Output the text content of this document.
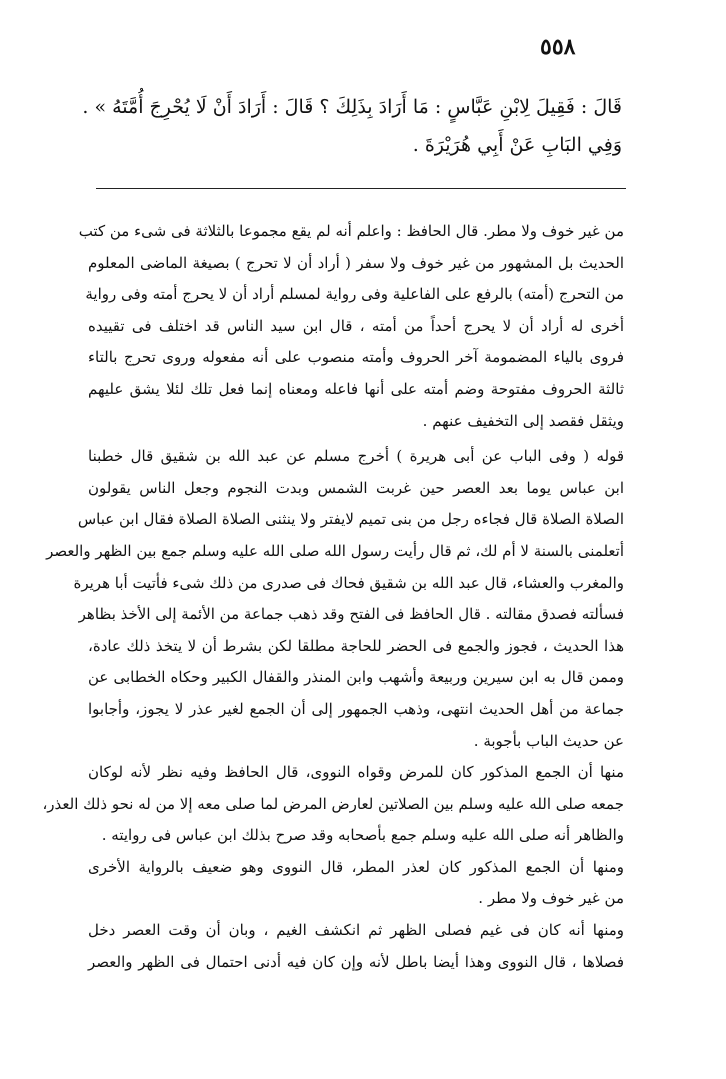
٥٥٨

قَالَ : فَقِيلَ لِابْنِ عَبَّاسٍ : مَا أَرَادَ بِذَلِكَ ؟ قَالَ : أَرَادَ أَنْ لَا يُحْرِجَ أُمَّتَهُ » .

وَفِي البَابِ عَنْ أَبِي هُرَيْرَةَ .

من غير خوف ولا مطر. قال الحافظ : واعلم أنه لم يقع مجموعا بالثلاثة فى شىء من كتب
الحديث بل المشهور من غير خوف ولا سفر ( أراد أن لا تحرج ) بصيغة الماضى المعلوم
من التحرج (أمته) بالرفع على الفاعلية وفى رواية لمسلم أراد أن لا يحرج أمته وفى رواية
أخرى له أراد أن لا يحرج أحداً من أمته ، قال ابن سيد الناس قد اختلف فى تقييده
فروى بالياء المضمومة آخر الحروف وأمته منصوب على أنه مفعوله وروى تحرج بالتاء
ثالثة الحروف مفتوحة وضم أمته على أنها فاعله ومعناه إنما فعل تلك لئلا يشق عليهم
ويثقل فقصد إلى التخفيف عنهم .

قوله ( وفى الباب عن أبى هريرة ) أخرج مسلم عن عبد الله بن شقيق قال خطبنا
ابن عباس يوما بعد العصر حين غربت الشمس وبدت النجوم وجعل الناس يقولون
الصلاة الصلاة قال فجاءه رجل من بنى تميم لايفتر ولا ينثنى الصلاة الصلاة فقال ابن عباس
أتعلمنى بالسنة لا أم لك، ثم قال رأيت رسول الله صلى الله عليه وسلم جمع بين الظهر والعصر
والمغرب والعشاء، قال عبد الله بن شقيق فحاك فى صدرى من ذلك شىء فأتيت أبا هريرة
فسألته فصدق مقالته . قال الحافظ فى الفتح وقد ذهب جماعة من الأئمة إلى الأخذ بظاهر
هذا الحديث ، فجوز والجمع فى الحضر للحاجة مطلقا لكن بشرط أن لا يتخذ ذلك عادة،
وممن قال به ابن سيرين وربيعة وأشهب وابن المنذر والقفال الكبير وحكاه الخطابى عن
جماعة من أهل الحديث انتهى، وذهب الجمهور إلى أن الجمع لغير عذر لا يجوز، وأجابوا
عن حديث الباب بأجوبة .

منها أن الجمع المذكور كان للمرض وقواه النووى، قال الحافظ وفيه نظر لأنه لوكان
جمعه صلى الله عليه وسلم بين الصلاتين لعارض المرض لما صلى معه إلا من له نحو ذلك العذر،
والظاهر أنه صلى الله عليه وسلم جمع بأصحابه وقد صرح بذلك ابن عباس فى روايته .

ومنها أن الجمع المذكور كان لعذر المطر، قال النووى وهو ضعيف بالرواية الأخرى
من غير خوف ولا مطر .

ومنها أنه كان فى غيم فصلى الظهر ثم انكشف الغيم ، وبان أن وقت العصر دخل
فصلاها ، قال النووى وهذا أيضا باطل لأنه وإن كان فيه أدنى احتمال فى الظهر والعصر
